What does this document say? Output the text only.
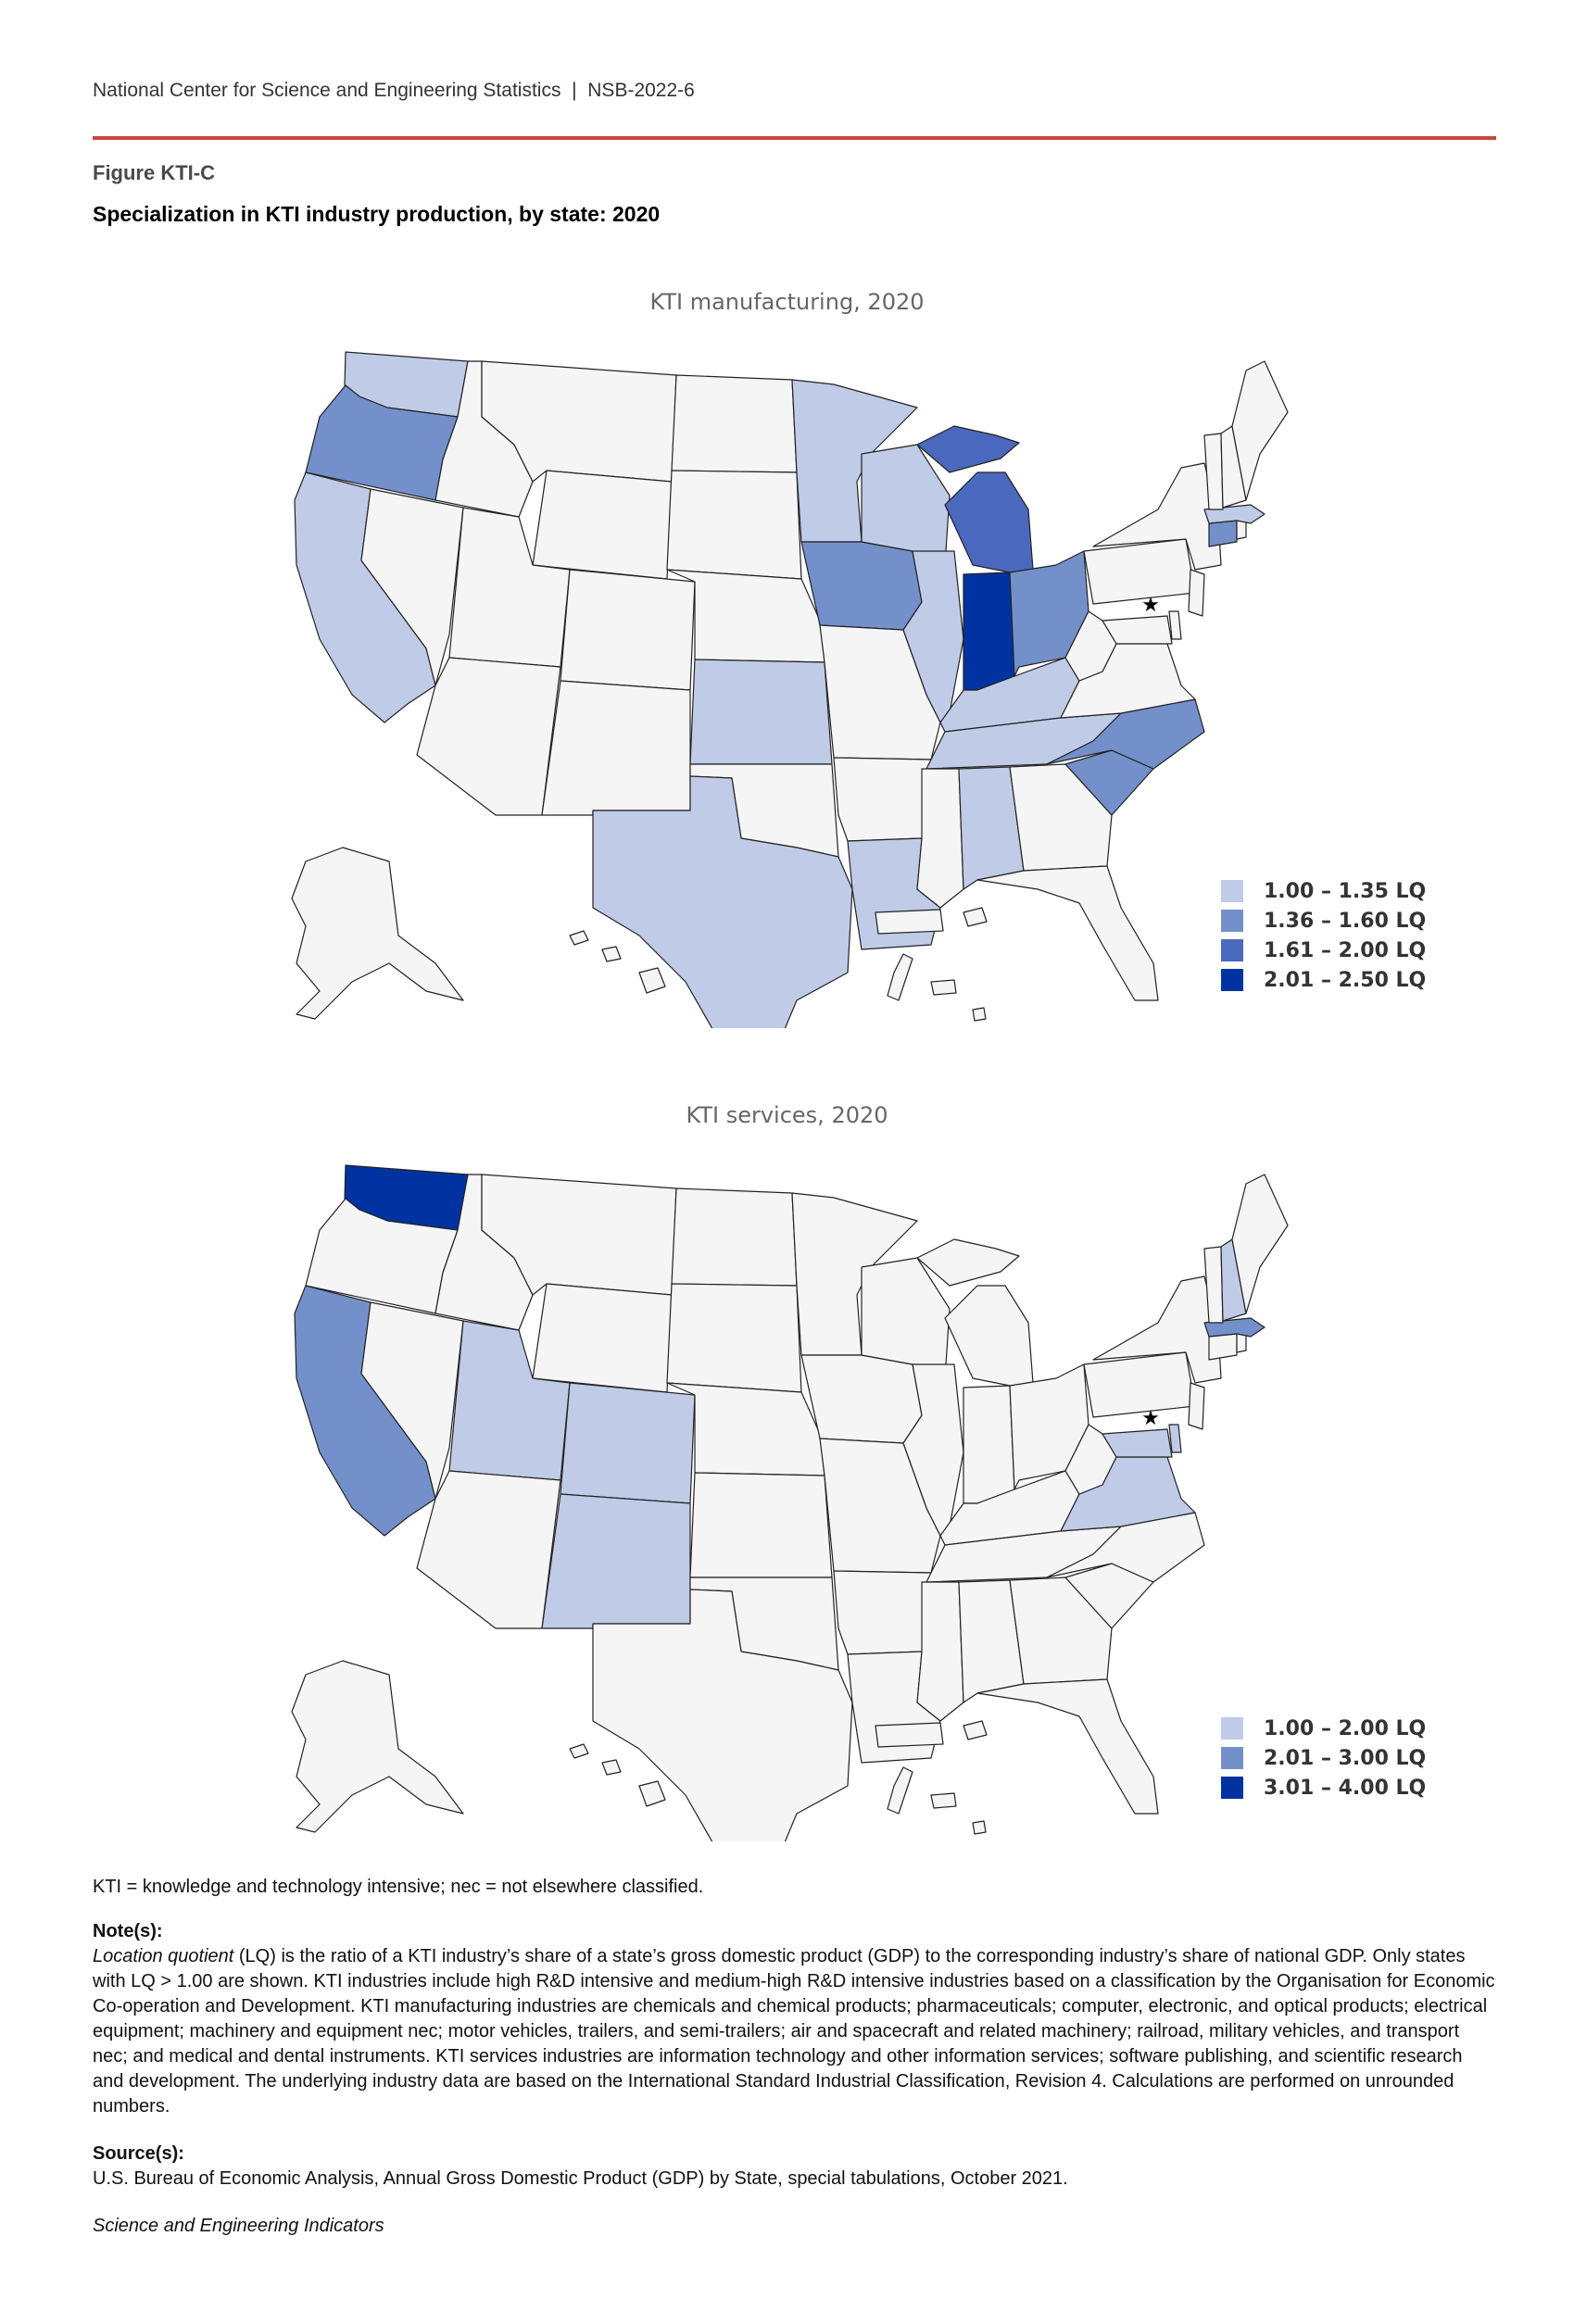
National Center for Science and Engineering Statistics | NSB-2022-6
Figure KTI-C
Specialization in KTI industry production, by state: 2020
KTI manufacturing, 2020
★
1.00 – 1.35 LQ
1.36 – 1.60 LQ
1.61 – 2.00 LQ
2.01 – 2.50 LQ
KTI services, 2020
★
1.00 – 2.00 LQ
2.01 – 3.00 LQ
3.01 – 4.00 LQ

KTI = knowledge and technology intensive; nec = not elsewhere classified.

Note(s):

Location quotient (LQ) is the ratio of a KTI industry’s share of a state’s gross domestic product (GDP) to the corresponding industry’s share of national GDP. Only states with LQ > 1.00 are shown. KTI industries include high R&D intensive and medium-high R&D intensive industries based on a classification by the Organisation for Economic Co-operation and Development. KTI manufacturing industries are chemicals and chemical products; pharmaceuticals; computer, electronic, and optical products; electrical equipment; machinery and equipment nec; motor vehicles, trailers, and semi-trailers; air and spacecraft and related machinery; railroad, military vehicles, and transport nec; and medical and dental instruments. KTI services industries are information technology and other information services; software publishing, and scientific research and development. The underlying industry data are based on the International Standard Industrial Classification, Revision 4. Calculations are performed on unrounded numbers.

Source(s):

U.S. Bureau of Economic Analysis, Annual Gross Domestic Product (GDP) by State, special tabulations, October 2021.

Science and Engineering Indicators
